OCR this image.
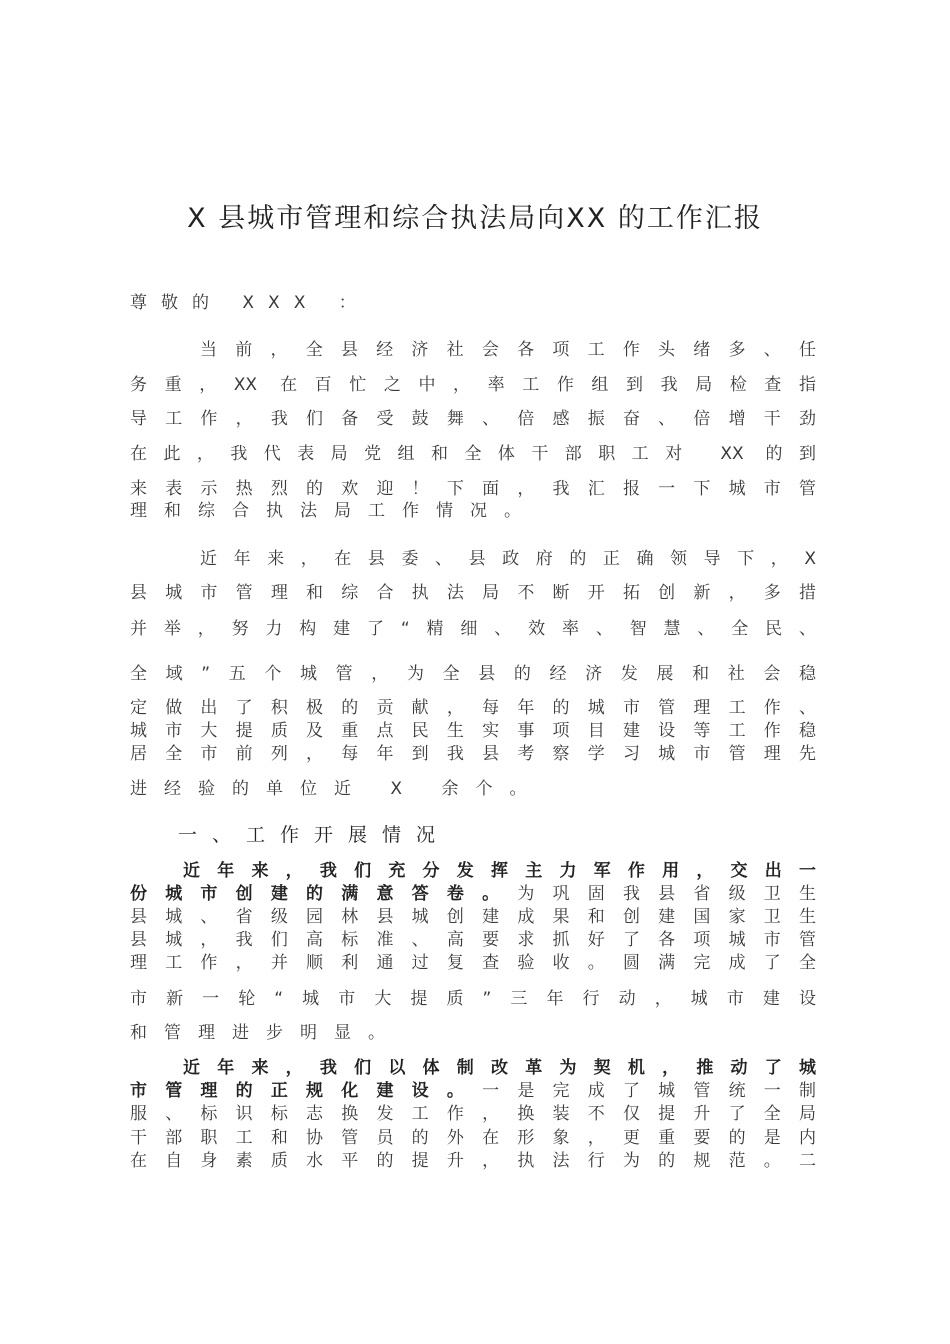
X 县城市管理和综合执法局向XX 的工作汇报
尊敬的 XXX ：
当前，全县经济社会各项工作头绪多、任
务重，XX 在百忙之中，率工作组到我局检查指
导工作，我们备受鼓舞、倍感振奋、倍增干劲
在此，我代表局党组和全体干部职工对 XX 的到
来表示热烈的欢迎！下面，我汇报一下城市管
理和综合执法局工作情况。
近年来，在县委、县政府的正确领导下，X
县城市管理和综合执法局不断开拓创新，多措
并举，努力构建了“精细、效率、智慧、全民、
全域”五个城管，为全县的经济发展和社会稳
定做出了积极的贡献，每年的城市管理工作、
城市大提质及重点民生实事项目建设等工作稳
居全市前列，每年到我县考察学习城市管理先
进经验的单位近 X 余个。
一、工作开展情况
近年来，我们充分发挥主力军作用，交出一
份城市创建的满意答卷。为巩固我县省级卫生
县城、省级园林县城创建成果和创建国家卫生
县城，我们高标准、高要求抓好了各项城市管
理工作，并顺利通过复查验收。圆满完成了全
市新一轮“城市大提质”三年行动，城市建设
和管理进步明显。
近年来，我们以体制改革为契机，推动了城
市管理的正规化建设。一是完成了城管统一制
服、标识标志换发工作，换装不仅提升了全局
干部职工和协管员的外在形象，更重要的是内
在自身素质水平的提升，执法行为的规范。二
